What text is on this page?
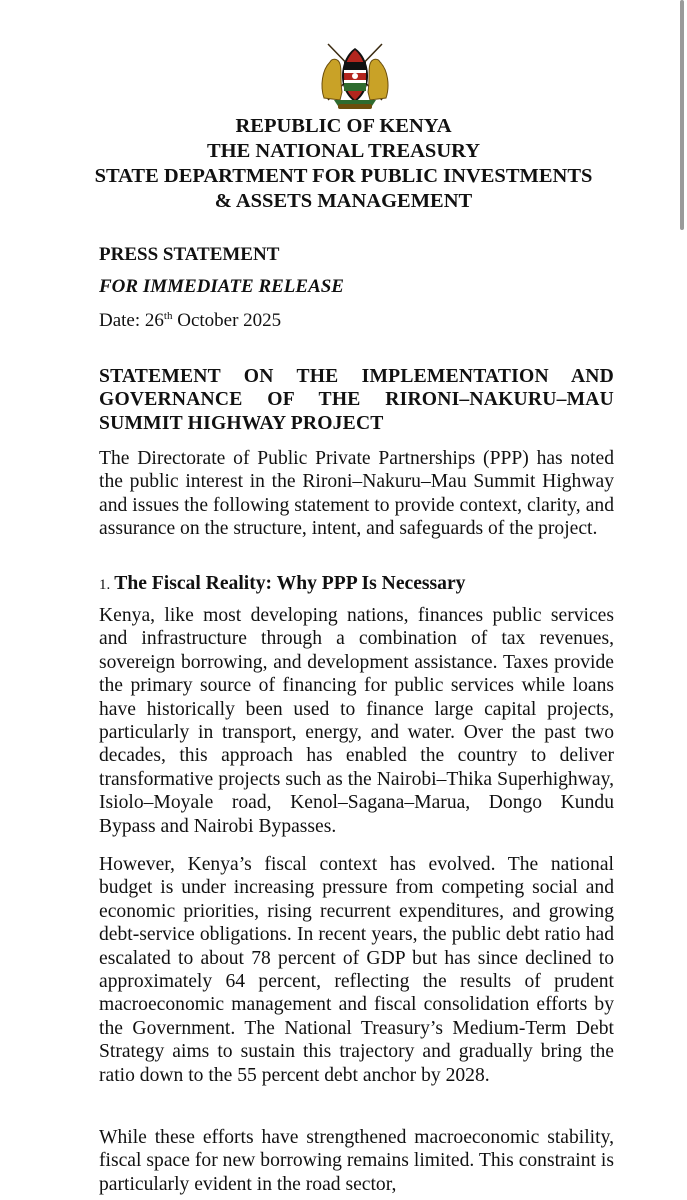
REPUBLIC OF KENYA
THE NATIONAL TREASURY
STATE DEPARTMENT FOR PUBLIC INVESTMENTS
& ASSETS MANAGEMENT
PRESS STATEMENT
FOR IMMEDIATE RELEASE
Date: 26th October 2025
STATEMENT ON THE IMPLEMENTATION AND GOVERNANCE OF THE RIRONI–NAKURU–MAU SUMMIT HIGHWAY PROJECT
The Directorate of Public Private Partnerships (PPP) has noted the public interest in the Rironi–Nakuru–Mau Summit Highway and issues the following statement to provide context, clarity, and assurance on the structure, intent, and safeguards of the project.
1. The Fiscal Reality: Why PPP Is Necessary
Kenya, like most developing nations, finances public services and infrastructure through a combination of tax revenues, sovereign borrowing, and development assistance. Taxes provide the primary source of financing for public services while loans have historically been used to finance large capital projects, particularly in transport, energy, and water. Over the past two decades, this approach has enabled the country to deliver transformative projects such as the Nairobi–Thika Superhighway, Isiolo–Moyale road, Kenol–Sagana–Marua, Dongo Kundu Bypass and Nairobi Bypasses.
However, Kenya’s fiscal context has evolved. The national budget is under increasing pressure from competing social and economic priorities, rising recurrent expenditures, and growing debt-service obligations. In recent years, the public debt ratio had escalated to about 78 percent of GDP but has since declined to approximately 64 percent, reflecting the results of prudent macroeconomic management and fiscal consolidation efforts by the Government. The National Treasury’s Medium-Term Debt Strategy aims to sustain this trajectory and gradually bring the ratio down to the 55 percent debt anchor by 2028.
While these efforts have strengthened macroeconomic stability, fiscal space for new borrowing remains limited. This constraint is particularly evident in the road sector,
